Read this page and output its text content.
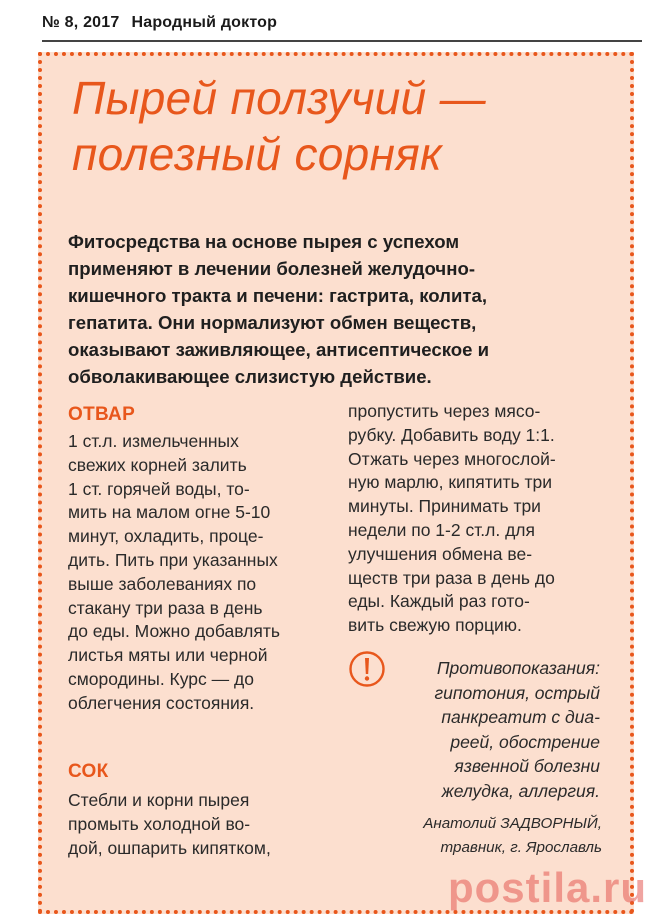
№ 8, 2017 Народный доктор
Пырей ползучий —
полезный сорняк
Фитосредства на основе пырея с успехом
применяют в лечении болезней желудочно-
кишечного тракта и печени: гастрита, колита,
гепатита. Они нормализуют обмен веществ,
оказывают заживляющее, антисептическое и
обволакивающее слизистую действие.
ОТВАР
1 ст.л. измельченных
свежих корней залить
1 ст. горячей воды, то-
мить на малом огне 5-10
минут, охладить, проце-
дить. Пить при указанных
выше заболеваниях по
стакану три раза в день
до еды. Можно добавлять
листья мяты или черной
смородины. Курс — до
облегчения состояния.
СОК
Стебли и корни пырея
промыть холодной во-
дой, ошпарить кипятком,
пропустить через мясо-
рубку. Добавить воду 1:1.
Отжать через многослой-
ную марлю, кипятить три
минуты. Принимать три
недели по 1-2 ст.л. для
улучшения обмена ве-
ществ три раза в день до
еды. Каждый раз гото-
вить свежую порцию.
Противопоказания:
гипотония, острый
панкреатит с диа-
реей, обострение
язвенной болезни
желудка, аллергия.
Анатолий ЗАДВОРНЫЙ,
травник, г. Ярославль
postila.ru
